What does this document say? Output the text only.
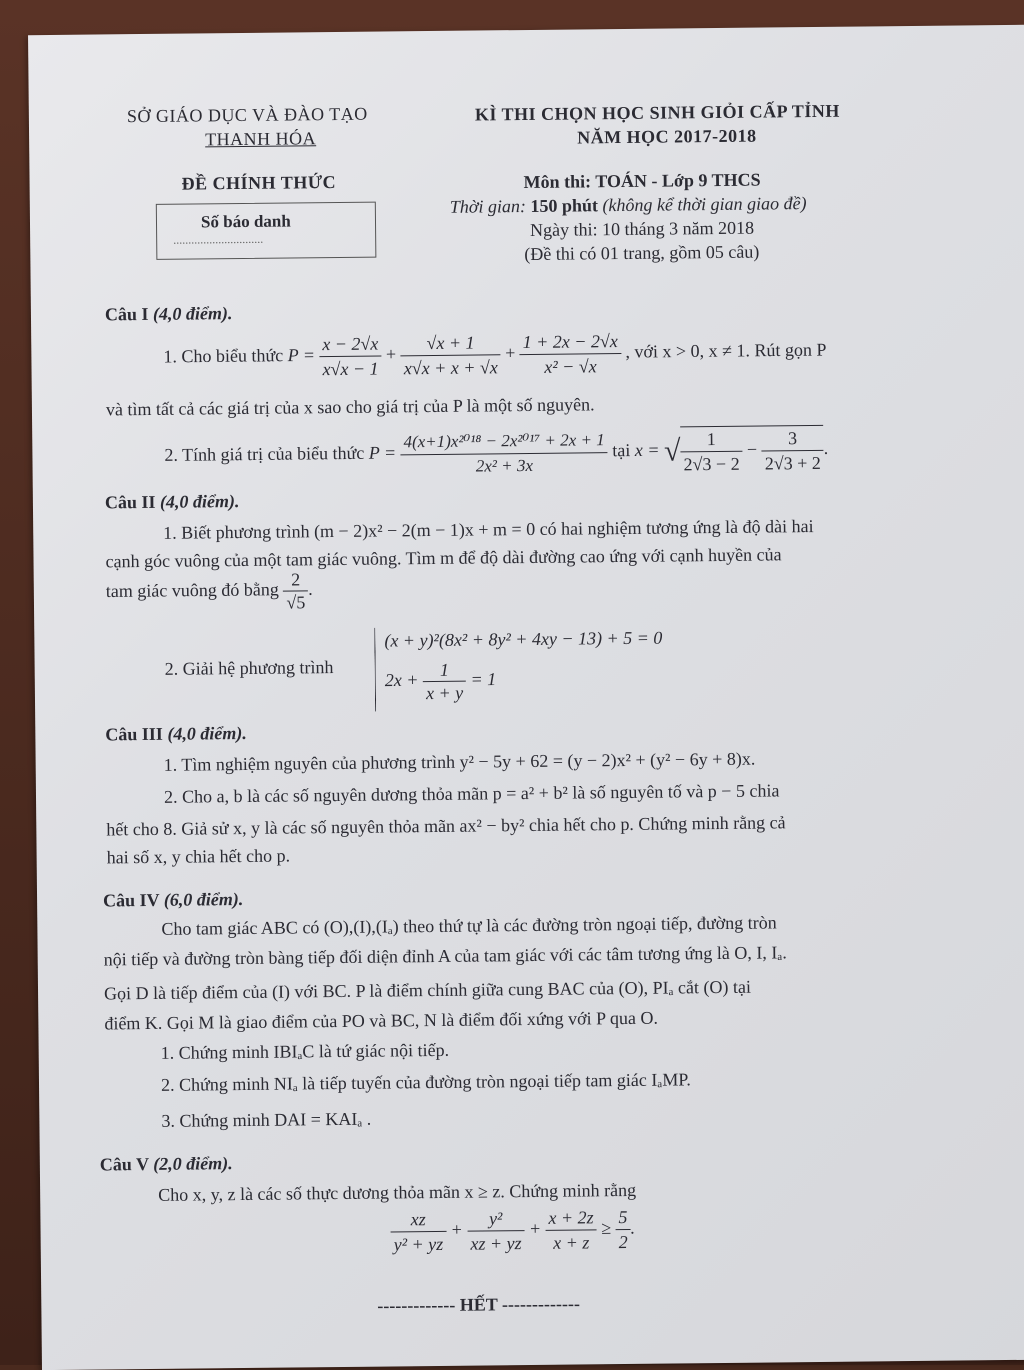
SỞ GIÁO DỤC VÀ ĐÀO TẠO
THANH HÓA
ĐỀ CHÍNH THỨC
Số báo danh
..............................
KÌ THI CHỌN HỌC SINH GIỎI CẤP TỈNH
NĂM HỌC 2017-2018
Môn thi: TOÁN - Lớp 9 THCS
Thời gian: 150 phút (không kể thời gian giao đề)
Ngày thi: 10 tháng 3 năm 2018
(Đề thi có 01 trang, gồm 05 câu)
Câu I (4,0 điểm).
1. Cho biểu thức $P = \frac{x - 2√x}{x√x - 1} + \frac{√x + 1}{x√x + x + √x} + \frac{1 + 2x - 2√x}{\text{x² − √x}}$ , với x > 0, x ≠ 1. Rút gọn P
và tìm tất cả các giá trị của x sao cho giá trị của P là một số nguyên.
2. Tính giá trị của biểu thức $P = \frac{\text{4(x+1)x²⁰¹⁸ − 2x²⁰¹⁷ + 2x + 1}}{\text{2x² + 3x}}$ tại x = √ $\frac{1}{2√3 - 2} - \frac{3}{2√3 + 2}$ .
Câu II (4,0 điểm).
1. Biết phương trình (m − 2)x² − 2(m − 1)x + m = 0 có hai nghiệm tương ứng là độ dài hai
cạnh góc vuông của một tam giác vuông. Tìm m để độ dài đường cao ứng với cạnh huyền của
tam giác vuông đó bằng $\frac{2}{√5}$ .
2. Giải hệ phương trình
(x + y)²(8x² + 8y² + 4xy − 13) + 5 = 0
$2x + \frac{1}{x + y} = 1$
Câu III (4,0 điểm).
1. Tìm nghiệm nguyên của phương trình y² − 5y + 62 = (y − 2)x² + (y² − 6y + 8)x.
2. Cho a, b là các số nguyên dương thỏa mãn p = a² + b² là số nguyên tố và p − 5 chia
hết cho 8. Giả sử x, y là các số nguyên thỏa mãn ax² − by² chia hết cho p. Chứng minh rằng cả
hai số x, y chia hết cho p.
Câu IV (6,0 điểm).
Cho tam giác ABC có (O),(I),(Iₐ) theo thứ tự là các đường tròn ngoại tiếp, đường tròn
nội tiếp và đường tròn bàng tiếp đối diện đỉnh A của tam giác với các tâm tương ứng là O, I, Iₐ.
Gọi D là tiếp điểm của (I) với BC. P là điểm chính giữa cung BAC của (O), PIₐ cắt (O) tại
điểm K. Gọi M là giao điểm của PO và BC, N là điểm đối xứng với P qua O.
1. Chứng minh IBIₐC là tứ giác nội tiếp.
2. Chứng minh NIₐ là tiếp tuyến của đường tròn ngoại tiếp tam giác IₐMP.
3. Chứng minh DAI = KAIₐ .
Câu V (2,0 điểm).
Cho x, y, z là các số thực dương thỏa mãn x ≥ z. Chứng minh rằng
$\frac{xz}{\text{y² + yz}} + \frac{\text{y²}}{xz + yz} + \frac{x + 2z}{x + z} \ge \frac{5}{2}$ .
------------- HẾT -------------
